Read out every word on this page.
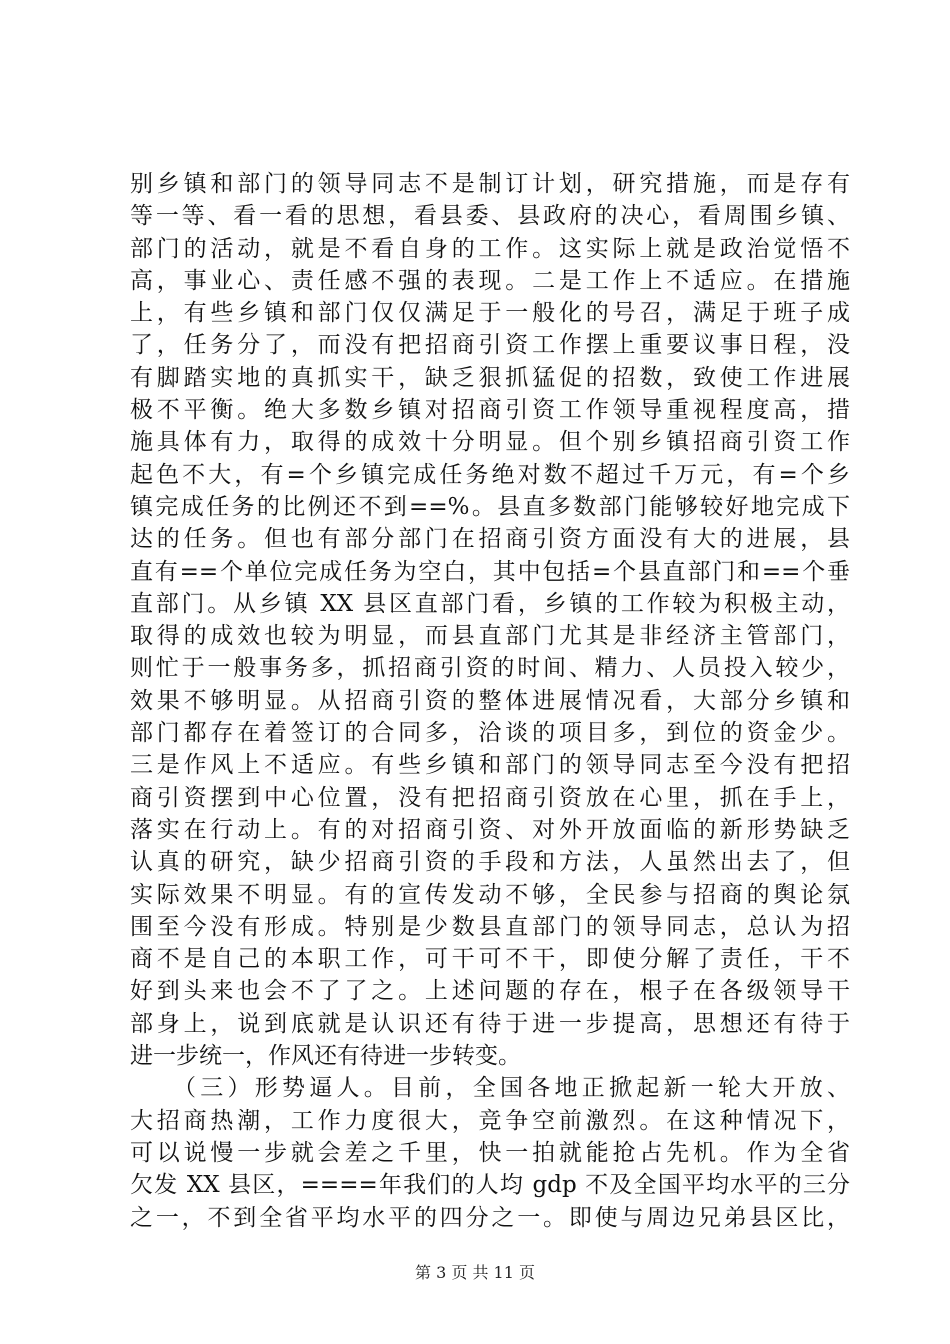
别乡镇和部门的领导同志不是制订计划，研究措施，而是存有
等一等、看一看的思想，看县委、县政府的决心，看周围乡镇、
部门的活动，就是不看自身的工作。这实际上就是政治觉悟不
高，事业心、责任感不强的表现。二是工作上不适应。在措施
上，有些乡镇和部门仅仅满足于一般化的号召，满足于班子成
了，任务分了，而没有把招商引资工作摆上重要议事日程，没
有脚踏实地的真抓实干，缺乏狠抓猛促的招数，致使工作进展
极不平衡。绝大多数乡镇对招商引资工作领导重视程度高，措
施具体有力，取得的成效十分明显。但个别乡镇招商引资工作
起色不大，有=个乡镇完成任务绝对数不超过千万元，有=个乡
镇完成任务的比例还不到==%。县直多数部门能够较好地完成下
达的任务。但也有部分部门在招商引资方面没有大的进展，县
直有==个单位完成任务为空白，其中包括=个县直部门和==个垂
直部门。从乡镇 XX 县区直部门看，乡镇的工作较为积极主动，
取得的成效也较为明显，而县直部门尤其是非经济主管部门，
则忙于一般事务多，抓招商引资的时间、精力、人员投入较少，
效果不够明显。从招商引资的整体进展情况看，大部分乡镇和
部门都存在着签订的合同多，洽谈的项目多，到位的资金少。
三是作风上不适应。有些乡镇和部门的领导同志至今没有把招
商引资摆到中心位置，没有把招商引资放在心里，抓在手上，
落实在行动上。有的对招商引资、对外开放面临的新形势缺乏
认真的研究，缺少招商引资的手段和方法，人虽然出去了，但
实际效果不明显。有的宣传发动不够，全民参与招商的舆论氛
围至今没有形成。特别是少数县直部门的领导同志，总认为招
商不是自己的本职工作，可干可不干，即使分解了责任，干不
好到头来也会不了了之。上述问题的存在，根子在各级领导干
部身上，说到底就是认识还有待于进一步提高，思想还有待于
进一步统一，作风还有待进一步转变。
　　（三）形势逼人。目前，全国各地正掀起新一轮大开放、
大招商热潮，工作力度很大，竞争空前激烈。在这种情况下，
可以说慢一步就会差之千里，快一拍就能抢占先机。作为全省
欠发 XX 县区，====年我们的人均 gdp 不及全国平均水平的三分
之一，不到全省平均水平的四分之一。即使与周边兄弟县区比，
第 3 页 共 11 页
